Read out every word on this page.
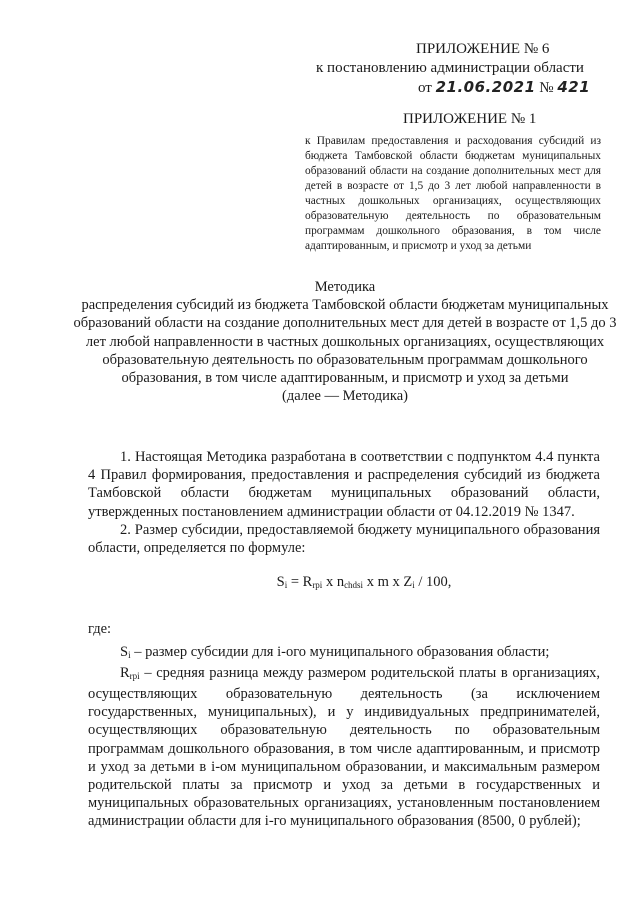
ПРИЛОЖЕНИЕ № 6
к постановлению администрации области
от 21.06.2021 № 421
ПРИЛОЖЕНИЕ № 1
к Правилам предоставления и расходования субсидий из бюджета Тамбовской области бюджетам муниципальных образований области на создание дополнительных мест для детей в возрасте от 1,5 до 3 лет любой направленности в частных дошкольных организациях, осуществляющих образовательную деятельность по образовательным программам дошкольного образования, в том числе адаптированным, и присмотр и уход за детьми
Методика
распределения субсидий из бюджета Тамбовской области бюджетам муниципальных образований области на создание дополнительных мест для детей в возрасте от 1,5 до 3 лет любой направленности в частных дошкольных организациях, осуществляющих образовательную деятельность по образовательным программам дошкольного образования, в том числе адаптированным, и присмотр и уход за детьми
(далее — Методика)

1. Настоящая Методика разработана в соответствии с подпунктом 4.4 пункта 4 Правил формирования, предоставления и распределения субсидий из бюджета Тамбовской области бюджетам муниципальных образований области, утвержденных постановлением администрации области от 04.12.2019 № 1347.

2. Размер субсидии, предоставляемой бюджету муниципального образования области, определяется по формуле:

$S_i = R_{rpi}$ x $n_{chdsi}$ x m x $Z_i / 100$,

где:

$S_i$ – размер субсидии для i-ого муниципального образования области;

$R_{rpi}$ – средняя разница между размером родительской платы в организациях, осуществляющих образовательную деятельность (за исключением государственных, муниципальных), и у индивидуальных предпринимателей, осуществляющих образовательную деятельность по образовательным программам дошкольного образования, в том числе адаптированным, и присмотр и уход за детьми в i-ом муниципальном образовании, и максимальным размером родительской платы за присмотр и уход за детьми в государственных и муниципальных образовательных организациях, установленным постановлением администрации области для i-го муниципального образования (8500, 0 рублей);
